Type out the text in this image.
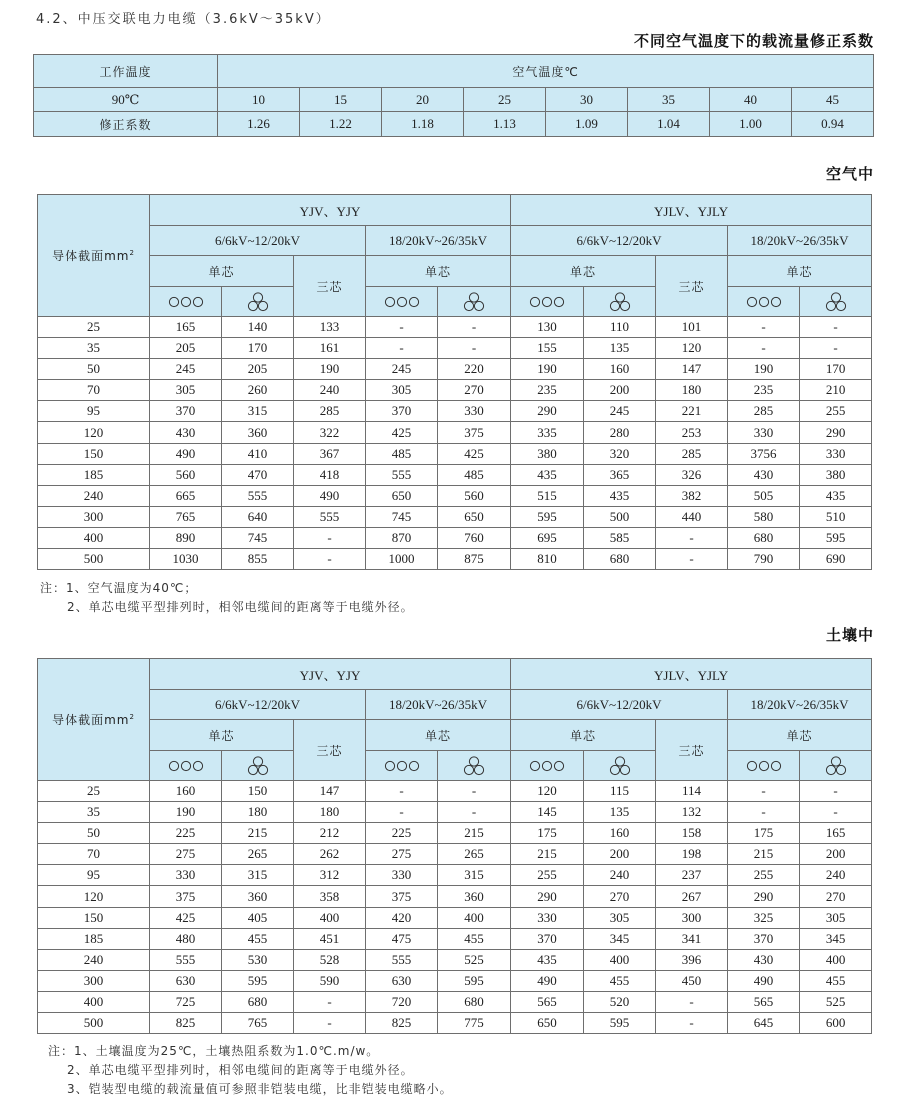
4.2、中压交联电力电缆（3.6kV～35kV）
不同空气温度下的载流量修正系数
工作温度	空气温度℃							
90℃	10	15	20	25	30	35	40	45
修正系数	1.26	1.22	1.18	1.13	1.09	1.04	1.00	0.94
空气中
导体截面$mm^2$	YJV、YJY					YJLV、YJLY				
	6/6kV~12/20kV			18/20kV~26/35kV		6/6kV~12/20kV			18/20kV~26/35kV	
	单芯		三芯	单芯		单芯		三芯	单芯	

25	165	140	133	-	-	130	110	101	-	-
35	205	170	161	-	-	155	135	120	-	-
50	245	205	190	245	220	190	160	147	190	170
70	305	260	240	305	270	235	200	180	235	210
95	370	315	285	370	330	290	245	221	285	255
120	430	360	322	425	375	335	280	253	330	290
150	490	410	367	485	425	380	320	285	3756	330
185	560	470	418	555	485	435	365	326	430	380
240	665	555	490	650	560	515	435	382	505	435
300	765	640	555	745	650	595	500	440	580	510
400	890	745	-	870	760	695	585	-	680	595
500	1030	855	-	1000	875	810	680	-	790	690
注：1、空气温度为40℃；
2、单芯电缆平型排列时，相邻电缆间的距离等于电缆外径。
土壤中
导体截面$mm^2$	YJV、YJY					YJLV、YJLY				
	6/6kV~12/20kV			18/20kV~26/35kV		6/6kV~12/20kV			18/20kV~26/35kV	
	单芯		三芯	单芯		单芯		三芯	单芯	

25	160	150	147	-	-	120	115	114	-	-
35	190	180	180	-	-	145	135	132	-	-
50	225	215	212	225	215	175	160	158	175	165
70	275	265	262	275	265	215	200	198	215	200
95	330	315	312	330	315	255	240	237	255	240
120	375	360	358	375	360	290	270	267	290	270
150	425	405	400	420	400	330	305	300	325	305
185	480	455	451	475	455	370	345	341	370	345
240	555	530	528	555	525	435	400	396	430	400
300	630	595	590	630	595	490	455	450	490	455
400	725	680	-	720	680	565	520	-	565	525
500	825	765	-	825	775	650	595	-	645	600
注：1、土壤温度为25℃，土壤热阻系数为1.0℃.m/w。
2、单芯电缆平型排列时，相邻电缆间的距离等于电缆外径。
3、铠装型电缆的载流量值可参照非铠装电缆，比非铠装电缆略小。
